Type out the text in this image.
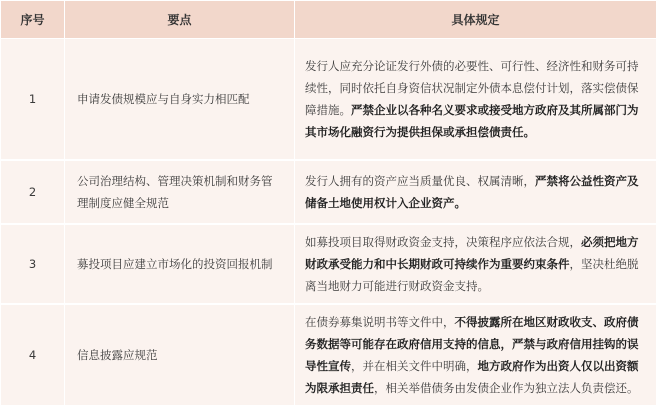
序号	要点	具体规定
1	申请发债规模应与自身实力相匹配	发行人应充分论证发行外债的必要性、可行性、经济性和财务可持续性，同时依托自身资信状况制定外债本息偿付计划，落实偿债保障措施。严禁企业以各种名义要求或接受地方政府及其所属部门为其市场化融资行为提供担保或承担偿债责任。
2	公司治理结构、管理决策机制和财务管理制度应健全规范	发行人拥有的资产应当质量优良、权属清晰，严禁将公益性资产及储备土地使用权计入企业资产。
3	募投项目应建立市场化的投资回报机制	如募投项目取得财政资金支持，决策程序应依法合规，必须把地方财政承受能力和中长期财政可持续作为重要约束条件，坚决杜绝脱离当地财力可能进行财政资金支持。
4	信息披露应规范	在债券募集说明书等文件中，不得披露所在地区财政收支、政府债务数据等可能存在政府信用支持的信息，严禁与政府信用挂钩的误导性宣传，并在相关文件中明确，地方政府作为出资人仅以出资额为限承担责任，相关举借债务由发债企业作为独立法人负责偿还。
